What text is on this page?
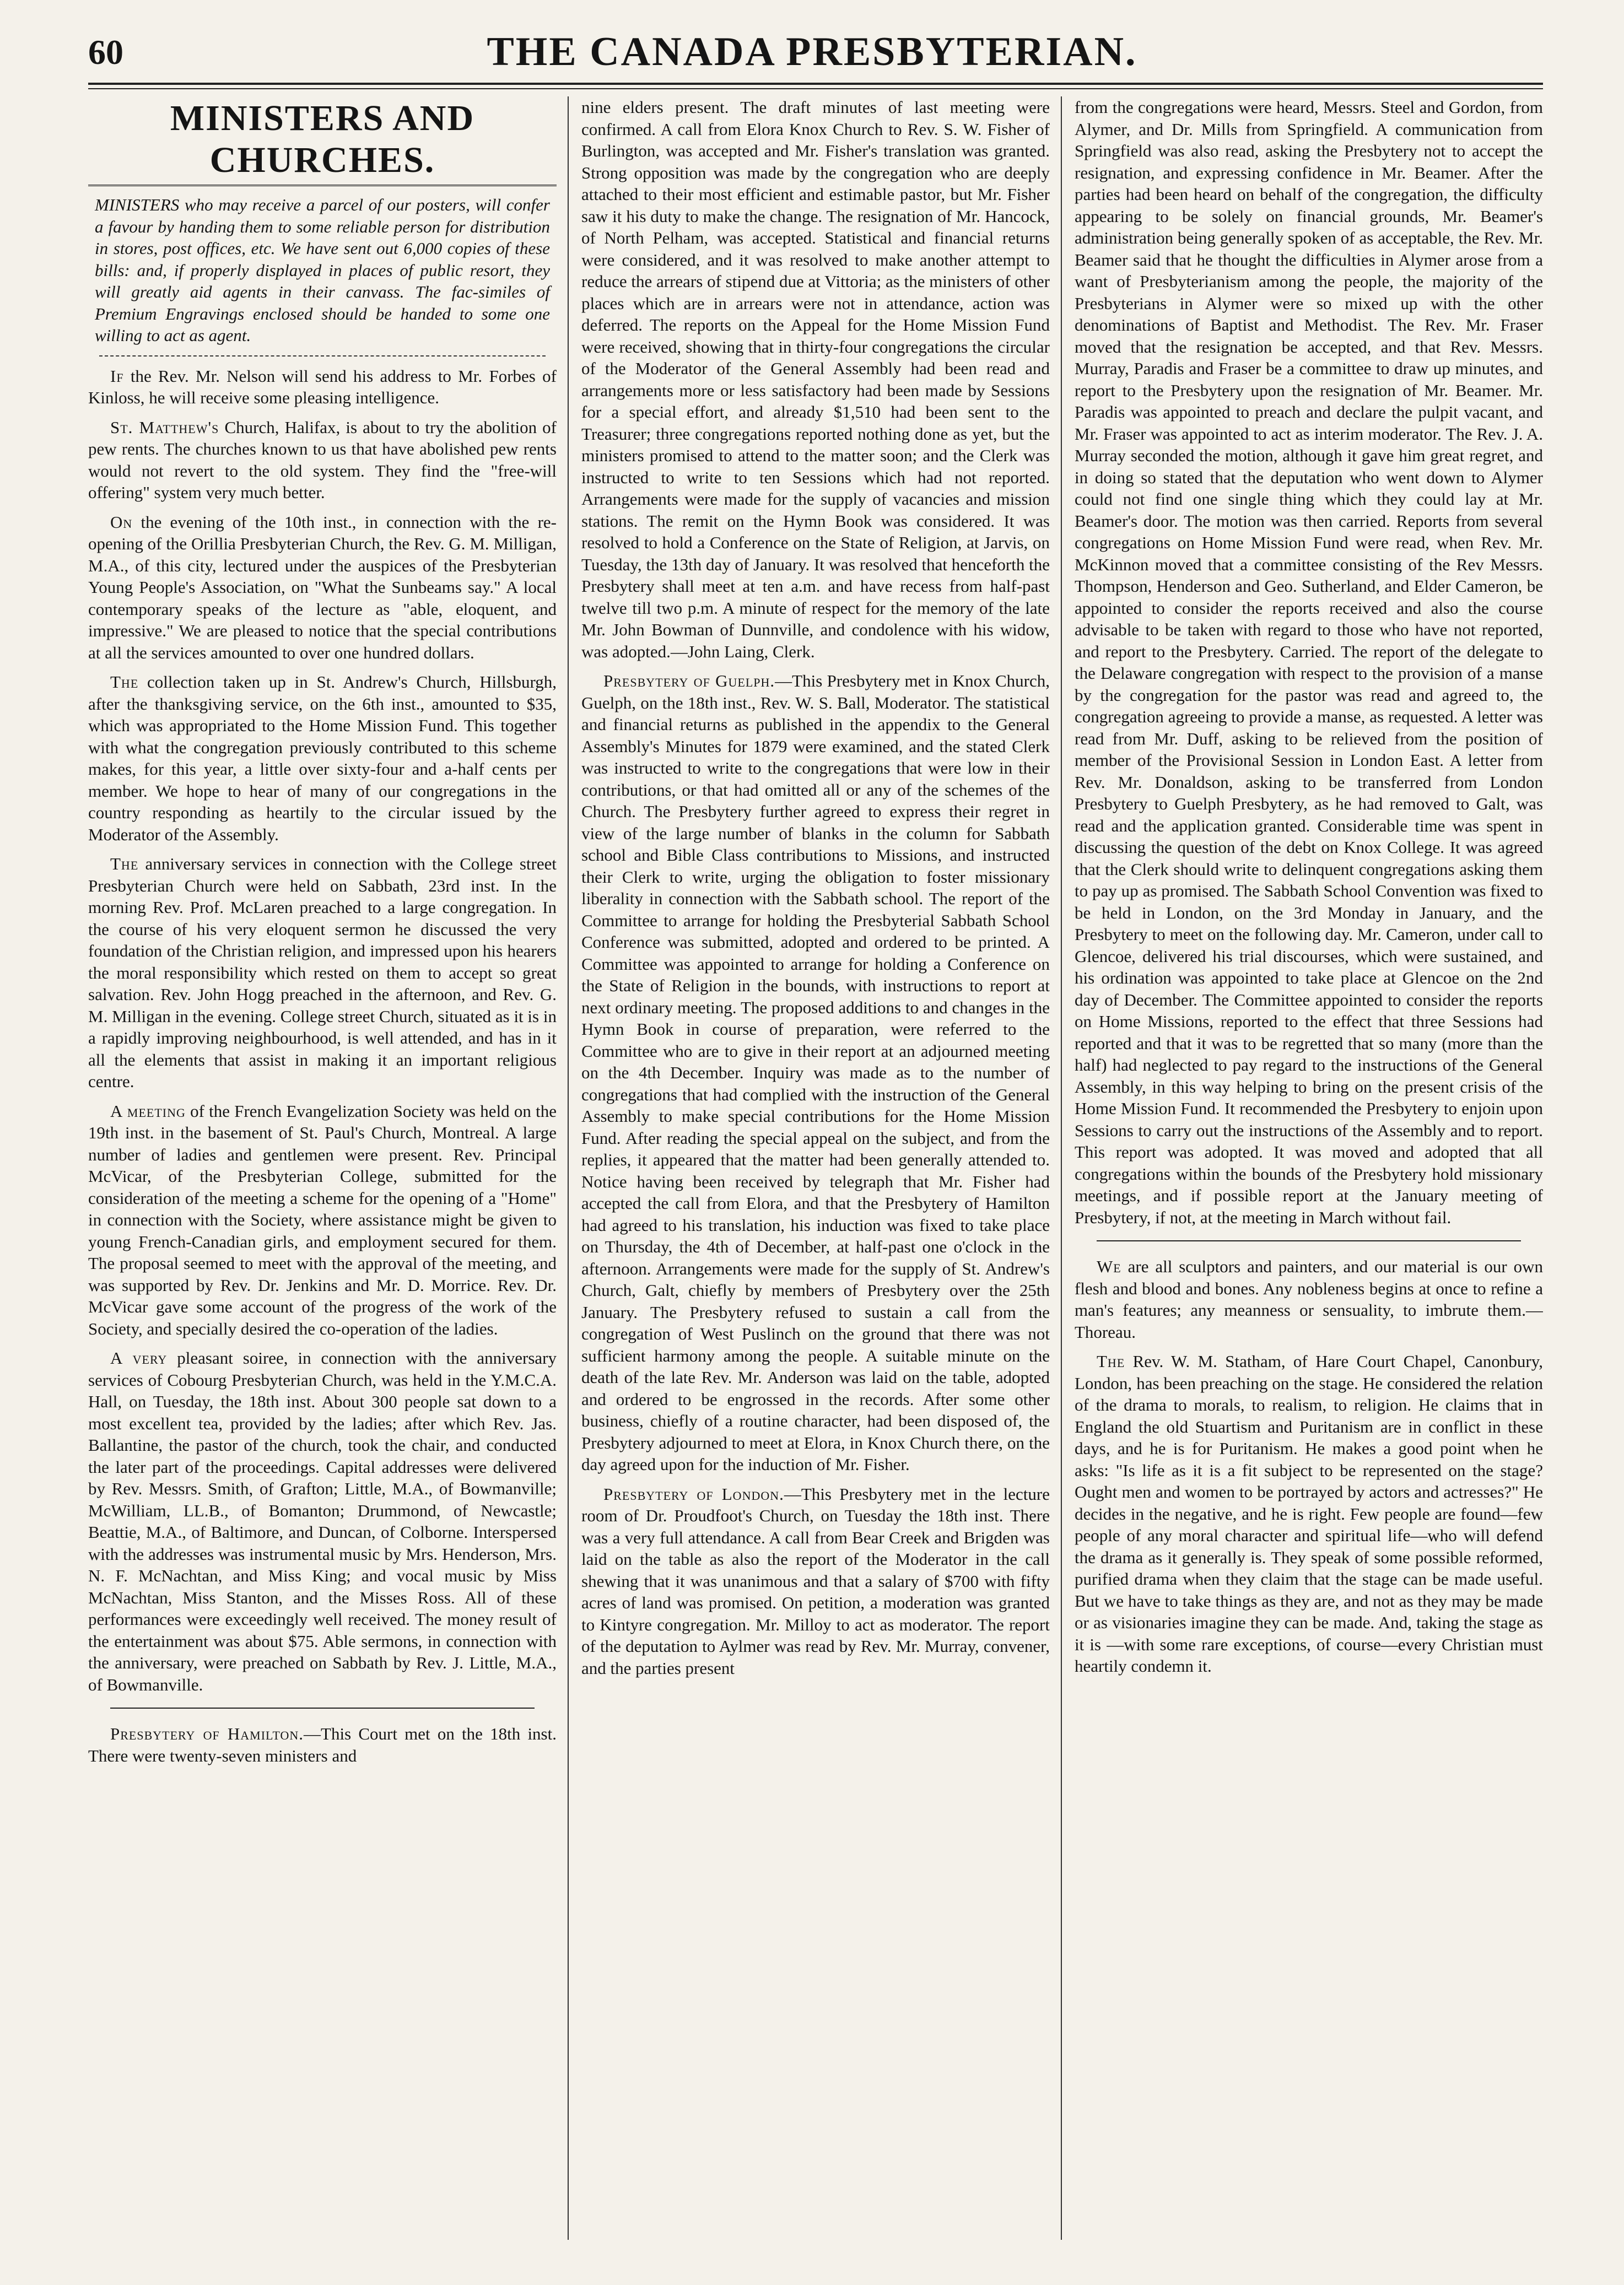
60	THE CANADA PRESBYTERIAN.
MINISTERS AND CHURCHES.
MINISTERS who may receive a parcel of our posters, will confer a favour by handing them to some reliable person for distribution in stores, post offices, etc. We have sent out 6,000 copies of these bills: and, if properly displayed in places of public resort, they will greatly aid agents in their canvass. The fac-similes of Premium Engravings enclosed should be handed to some one willing to act as agent.

If the Rev. Mr. Nelson will send his address to Mr. Forbes of Kinloss, he will receive some pleasing intelligence.

St. Matthew's Church, Halifax, is about to try the abolition of pew rents. The churches known to us that have abolished pew rents would not revert to the old system. They find the "free-will offering" system very much better.

On the evening of the 10th inst., in connection with the re-opening of the Orillia Presbyterian Church, the Rev. G. M. Milligan, M.A., of this city, lectured under the auspices of the Presbyterian Young People's Association, on "What the Sunbeams say." A local contemporary speaks of the lecture as "able, eloquent, and impressive." We are pleased to notice that the special contributions at all the services amounted to over one hundred dollars.

The collection taken up in St. Andrew's Church, Hillsburgh, after the thanksgiving service, on the 6th inst., amounted to $35, which was appropriated to the Home Mission Fund. This together with what the congregation previously contributed to this scheme makes, for this year, a little over sixty-four and a-half cents per member. We hope to hear of many of our congregations in the country responding as heartily to the circular issued by the Moderator of the Assembly.

The anniversary services in connection with the College street Presbyterian Church were held on Sabbath, 23rd inst. In the morning Rev. Prof. McLaren preached to a large congregation. In the course of his very eloquent sermon he discussed the very foundation of the Christian religion, and impressed upon his hearers the moral responsibility which rested on them to accept so great salvation. Rev. John Hogg preached in the afternoon, and Rev. G. M. Milligan in the evening. College street Church, situated as it is in a rapidly improving neighbourhood, is well attended, and has in it all the elements that assist in making it an important religious centre.

A meeting of the French Evangelization Society was held on the 19th inst. in the basement of St. Paul's Church, Montreal. A large number of ladies and gentlemen were present. Rev. Principal McVicar, of the Presbyterian College, submitted for the consideration of the meeting a scheme for the opening of a "Home" in connection with the Society, where assistance might be given to young French-Canadian girls, and employment secured for them. The proposal seemed to meet with the approval of the meeting, and was supported by Rev. Dr. Jenkins and Mr. D. Morrice. Rev. Dr. McVicar gave some account of the progress of the work of the Society, and specially desired the co-operation of the ladies.

A very pleasant soiree, in connection with the anniversary services of Cobourg Presbyterian Church, was held in the Y.M.C.A. Hall, on Tuesday, the 18th inst. About 300 people sat down to a most excellent tea, provided by the ladies; after which Rev. Jas. Ballantine, the pastor of the church, took the chair, and conducted the later part of the proceedings. Capital addresses were delivered by Rev. Messrs. Smith, of Grafton; Little, M.A., of Bowmanville; McWilliam, LL.B., of Bomanton; Drummond, of Newcastle; Beattie, M.A., of Baltimore, and Duncan, of Colborne. Interspersed with the addresses was instrumental music by Mrs. Henderson, Mrs. N. F. McNachtan, and Miss King; and vocal music by Miss McNachtan, Miss Stanton, and the Misses Ross. All of these performances were exceedingly well received. The money result of the entertainment was about $75. Able sermons, in connection with the anniversary, were preached on Sabbath by Rev. J. Little, M.A., of Bowmanville.

Presbytery of Hamilton.—This Court met on the 18th inst. There were twenty-seven ministers and

nine elders present. The draft minutes of last meeting were confirmed. A call from Elora Knox Church to Rev. S. W. Fisher of Burlington, was accepted and Mr. Fisher's translation was granted. Strong opposition was made by the congregation who are deeply attached to their most efficient and estimable pastor, but Mr. Fisher saw it his duty to make the change. The resignation of Mr. Hancock, of North Pelham, was accepted. Statistical and financial returns were considered, and it was resolved to make another attempt to reduce the arrears of stipend due at Vittoria; as the ministers of other places which are in arrears were not in attendance, action was deferred. The reports on the Appeal for the Home Mission Fund were received, showing that in thirty-four congregations the circular of the Moderator of the General Assembly had been read and arrangements more or less satisfactory had been made by Sessions for a special effort, and already $1,510 had been sent to the Treasurer; three congregations reported nothing done as yet, but the ministers promised to attend to the matter soon; and the Clerk was instructed to write to ten Sessions which had not reported. Arrangements were made for the supply of vacancies and mission stations. The remit on the Hymn Book was considered. It was resolved to hold a Conference on the State of Religion, at Jarvis, on Tuesday, the 13th day of January. It was resolved that henceforth the Presbytery shall meet at ten a.m. and have recess from half-past twelve till two p.m. A minute of respect for the memory of the late Mr. John Bowman of Dunnville, and condolence with his widow, was adopted.—John Laing, Clerk.

Presbytery of Guelph.—This Presbytery met in Knox Church, Guelph, on the 18th inst., Rev. W. S. Ball, Moderator. The statistical and financial returns as published in the appendix to the General Assembly's Minutes for 1879 were examined, and the stated Clerk was instructed to write to the congregations that were low in their contributions, or that had omitted all or any of the schemes of the Church. The Presbytery further agreed to express their regret in view of the large number of blanks in the column for Sabbath school and Bible Class contributions to Missions, and instructed their Clerk to write, urging the obligation to foster missionary liberality in connection with the Sabbath school. The report of the Committee to arrange for holding the Presbyterial Sabbath School Conference was submitted, adopted and ordered to be printed. A Committee was appointed to arrange for holding a Conference on the State of Religion in the bounds, with instructions to report at next ordinary meeting. The proposed additions to and changes in the Hymn Book in course of preparation, were referred to the Committee who are to give in their report at an adjourned meeting on the 4th December. Inquiry was made as to the number of congregations that had complied with the instruction of the General Assembly to make special contributions for the Home Mission Fund. After reading the special appeal on the subject, and from the replies, it appeared that the matter had been generally attended to. Notice having been received by telegraph that Mr. Fisher had accepted the call from Elora, and that the Presbytery of Hamilton had agreed to his translation, his induction was fixed to take place on Thursday, the 4th of December, at half-past one o'clock in the afternoon. Arrangements were made for the supply of St. Andrew's Church, Galt, chiefly by members of Presbytery over the 25th January. The Presbytery refused to sustain a call from the congregation of West Puslinch on the ground that there was not sufficient harmony among the people. A suitable minute on the death of the late Rev. Mr. Anderson was laid on the table, adopted and ordered to be engrossed in the records. After some other business, chiefly of a routine character, had been disposed of, the Presbytery adjourned to meet at Elora, in Knox Church there, on the day agreed upon for the induction of Mr. Fisher.

Presbytery of London.—This Presbytery met in the lecture room of Dr. Proudfoot's Church, on Tuesday the 18th inst. There was a very full attendance. A call from Bear Creek and Brigden was laid on the table as also the report of the Moderator in the call shewing that it was unanimous and that a salary of $700 with fifty acres of land was promised. On petition, a moderation was granted to Kintyre congregation. Mr. Milloy to act as moderator. The report of the deputation to Aylmer was read by Rev. Mr. Murray, convener, and the parties present

from the congregations were heard, Messrs. Steel and Gordon, from Alymer, and Dr. Mills from Springfield. A communication from Springfield was also read, asking the Presbytery not to accept the resignation, and expressing confidence in Mr. Beamer. After the parties had been heard on behalf of the congregation, the difficulty appearing to be solely on financial grounds, Mr. Beamer's administration being generally spoken of as acceptable, the Rev. Mr. Beamer said that he thought the difficulties in Alymer arose from a want of Presbyterianism among the people, the majority of the Presbyterians in Alymer were so mixed up with the other denominations of Baptist and Methodist. The Rev. Mr. Fraser moved that the resignation be accepted, and that Rev. Messrs. Murray, Paradis and Fraser be a committee to draw up minutes, and report to the Presbytery upon the resignation of Mr. Beamer. Mr. Paradis was appointed to preach and declare the pulpit vacant, and Mr. Fraser was appointed to act as interim moderator. The Rev. J. A. Murray seconded the motion, although it gave him great regret, and in doing so stated that the deputation who went down to Alymer could not find one single thing which they could lay at Mr. Beamer's door. The motion was then carried. Reports from several congregations on Home Mission Fund were read, when Rev. Mr. McKinnon moved that a committee consisting of the Rev Messrs. Thompson, Henderson and Geo. Sutherland, and Elder Cameron, be appointed to consider the reports received and also the course advisable to be taken with regard to those who have not reported, and report to the Presbytery. Carried. The report of the delegate to the Delaware congregation with respect to the provision of a manse by the congregation for the pastor was read and agreed to, the congregation agreeing to provide a manse, as requested. A letter was read from Mr. Duff, asking to be relieved from the position of member of the Provisional Session in London East. A letter from Rev. Mr. Donaldson, asking to be transferred from London Presbytery to Guelph Presbytery, as he had removed to Galt, was read and the application granted. Considerable time was spent in discussing the question of the debt on Knox College. It was agreed that the Clerk should write to delinquent congregations asking them to pay up as promised. The Sabbath School Convention was fixed to be held in London, on the 3rd Monday in January, and the Presbytery to meet on the following day. Mr. Cameron, under call to Glencoe, delivered his trial discourses, which were sustained, and his ordination was appointed to take place at Glencoe on the 2nd day of December. The Committee appointed to consider the reports on Home Missions, reported to the effect that three Sessions had reported and that it was to be regretted that so many (more than the half) had neglected to pay regard to the instructions of the General Assembly, in this way helping to bring on the present crisis of the Home Mission Fund. It recommended the Presbytery to enjoin upon Sessions to carry out the instructions of the Assembly and to report. This report was adopted. It was moved and adopted that all congregations within the bounds of the Presbytery hold missionary meetings, and if possible report at the January meeting of Presbytery, if not, at the meeting in March without fail.

We are all sculptors and painters, and our material is our own flesh and blood and bones. Any nobleness begins at once to refine a man's features; any meanness or sensuality, to imbrute them.—Thoreau.

The Rev. W. M. Statham, of Hare Court Chapel, Canonbury, London, has been preaching on the stage. He considered the relation of the drama to morals, to realism, to religion. He claims that in England the old Stuartism and Puritanism are in conflict in these days, and he is for Puritanism. He makes a good point when he asks: "Is life as it is a fit subject to be represented on the stage? Ought men and women to be portrayed by actors and actresses?" He decides in the negative, and he is right. Few people are found—few people of any moral character and spiritual life—who will defend the drama as it generally is. They speak of some possible reformed, purified drama when they claim that the stage can be made useful. But we have to take things as they are, and not as they may be made or as visionaries imagine they can be made. And, taking the stage as it is —with some rare exceptions, of course—every Christian must heartily condemn it.
